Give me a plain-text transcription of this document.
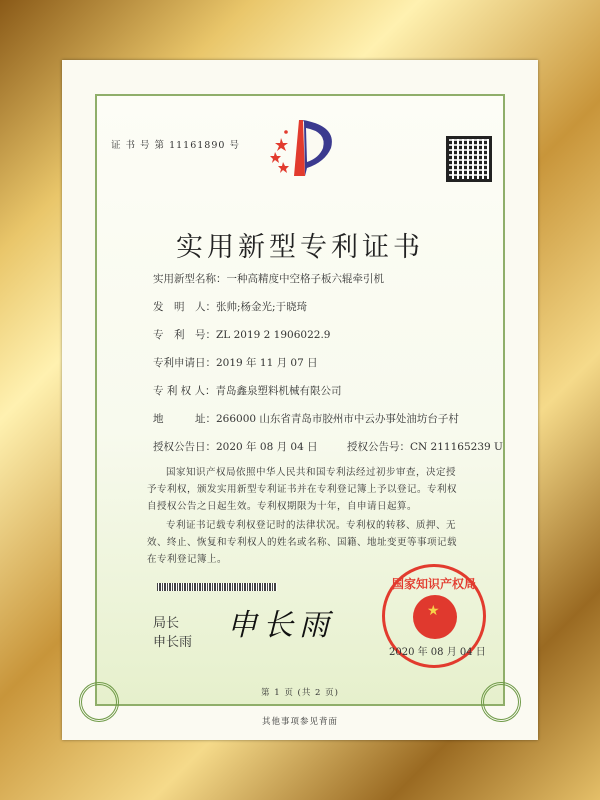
证 书 号 第 11161890 号
实用新型专利证书
实用新型名称：一种高精度中空格子板六辊牵引机
发　明　人：张帅;杨金光;于晓琦
专　利　号：ZL 2019 2 1906022.9
专利申请日：2019 年 11 月 07 日
专 利 权 人：青岛鑫泉塑料机械有限公司
地　　　址：266000 山东省青岛市胶州市中云办事处油坊台子村
授权公告日：2020 年 08 月 04 日	授权公告号：CN 211165239 U
国家知识产权局依照中华人民共和国专利法经过初步审查，决定授予专利权，颁发实用新型专利证书并在专利登记簿上予以登记。专利权自授权公告之日起生效。专利权期限为十年，自申请日起算。
专利证书记载专利权登记时的法律状况。专利权的转移、质押、无效、终止、恢复和专利权人的姓名或名称、国籍、地址变更等事项记载在专利登记簿上。
局长
申长雨 申长雨
国家知识产权局
★
2020 年 08 月 04 日
第 1 页 (共 2 页)
其他事项参见背面
